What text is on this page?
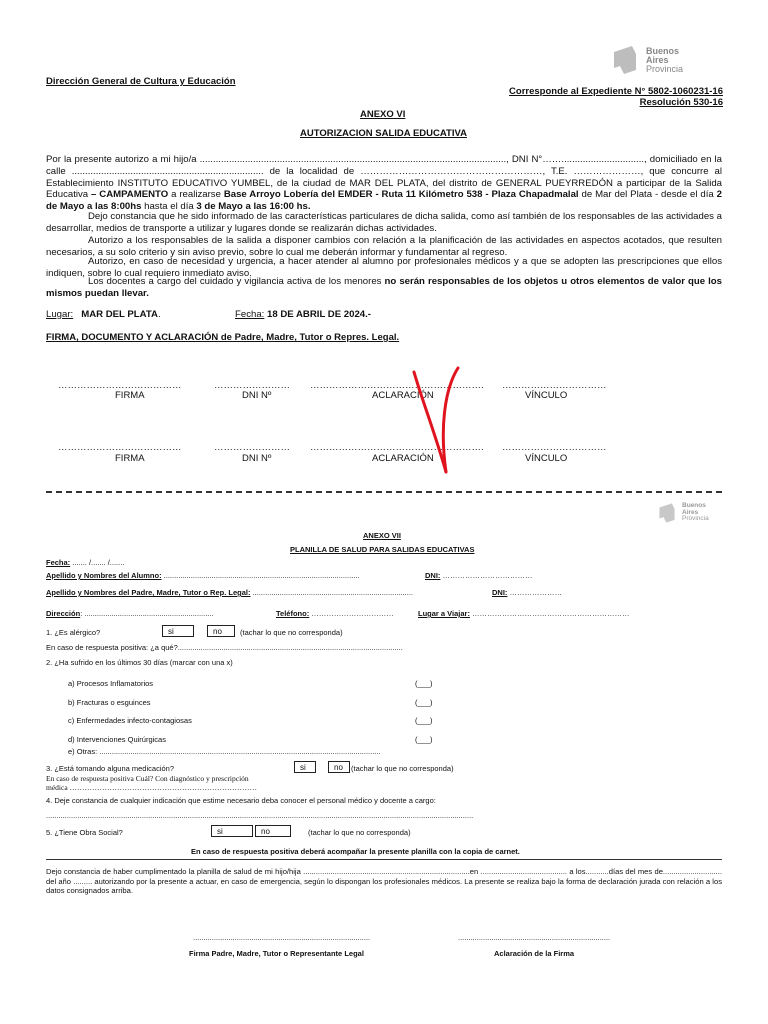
Buenos
Aires
Provincia
Dirección General de Cultura y Educación
Corresponde al Expediente N° 5802-1060231-16
Resolución 530-16
ANEXO VI
AUTORIZACION SALIDA EDUCATIVA
Por la presente autorizo a mi hijo/a ..................................................................................................................., DNI N°……..............................., domiciliado en la calle ........................................................................ de la localidad de …………………………………………………, T.E. …………………, que concurre al Establecimiento INSTITUTO EDUCATIVO YUMBEL, de la ciudad de MAR DEL PLATA, del distrito de GENERAL PUEYRREDÓN a participar de la Salida Educativa – CAMPAMENTO a realizarse Base Arroyo Lobería del EMDER - Ruta 11 Kilómetro 538 - Plaza Chapadmalal de Mar del Plata - desde el día 2 de Mayo a las 8:00hs hasta el día 3 de Mayo a las 16:00 hs.
Dejo constancia que he sido informado de las características particulares de dicha salida, como así también de los responsables de las actividades a desarrollar, medios de transporte a utilizar y lugares donde se realizarán dichas actividades.
Autorizo a los responsables de la salida a disponer cambios con relación a la planificación de las actividades en aspectos acotados, que resulten necesarios, a su solo criterio y sin aviso previo, sobre lo cual me deberán informar y fundamentar al regreso.
Autorizo, en caso de necesidad y urgencia, a hacer atender al alumno por profesionales médicos y a que se adopten las prescripciones que ellos indiquen, sobre lo cual requiero inmediato aviso.
Los docentes a cargo del cuidado y vigilancia activa de los menores no serán responsables de los objetos u otros elementos de valor que los mismos puedan llevar.
Lugar: MAR DEL PLATA.	Fecha: 18 DE ABRIL DE 2024.-
FIRMA, DOCUMENTO Y ACLARACIÓN de Padre, Madre, Tutor o Repres. Legal.
…………………………………	…………………… ………………………………………………. ……………………………
FIRMA	DNI Nº	ACLARACIÓN	VÍNCULO
…………………………………	…………………… ………………………………………………. ……………………………
FIRMA	DNI Nº	ACLARACIÓN	VÍNCULO
Buenos
Aires
Provincia
ANEXO VII
PLANILLA DE SALUD PARA SALIDAS EDUCATIVAS
Fecha: ....... /....... /.......
Apellido y Nombres del Alumno: ..............................................................................................	DNI: ………………………………
Apellido y Nombres del Padre, Madre, Tutor o Rep. Legal: .............................................................................	DNI: …………………
Dirección: ..............................................................	Teléfono: ……………………………	Lugar a Viajar: ………………………………………………………
1. ¿Es alérgico?	si	no	(tachar lo que no corresponda)
En caso de respuesta positiva: ¿a qué?............................................................................................................
2. ¿Ha sufrido en los últimos 30 días (marcar con una x)
a) Procesos Inflamatorios	(___)
b) Fracturas o esguinces	(___)
c) Enfermedades infecto-contagiosas	(___)
d) Intervenciones Quirúrgicas	(___)
e) Otras: .......................................................................................................................................
3. ¿Está tomando alguna medicación?	si	no	(tachar lo que no corresponda)
En caso de respuesta positiva Cuál? Con diagnóstico y prescripción
médica …………………………………………………………………
4. Deje constancia de cualquier indicación que estime necesario deba conocer el personal médico y docente a cargo:
.............................................................................................................................................................................................................
5. ¿Tiene Obra Social?	si	no	(tachar lo que no corresponda)
En caso de respuesta positiva deberá acompañar la presente planilla con la copia de carnet.
Dejo constancia de haber cumplimentado la planilla de salud de mi hijo/hija ...............................................................................en ......................................... a los...........días del mes de............................ del año ......... autorizando por la presente a actuar, en caso de emergencia, según lo dispongan los profesionales médicos. La presente se realiza bajo la forma de declaración jurada con relación a los datos consignados arriba.
.....................................................................................	.........................................................................
Firma Padre, Madre, Tutor o Representante Legal	Aclaración de la Firma
